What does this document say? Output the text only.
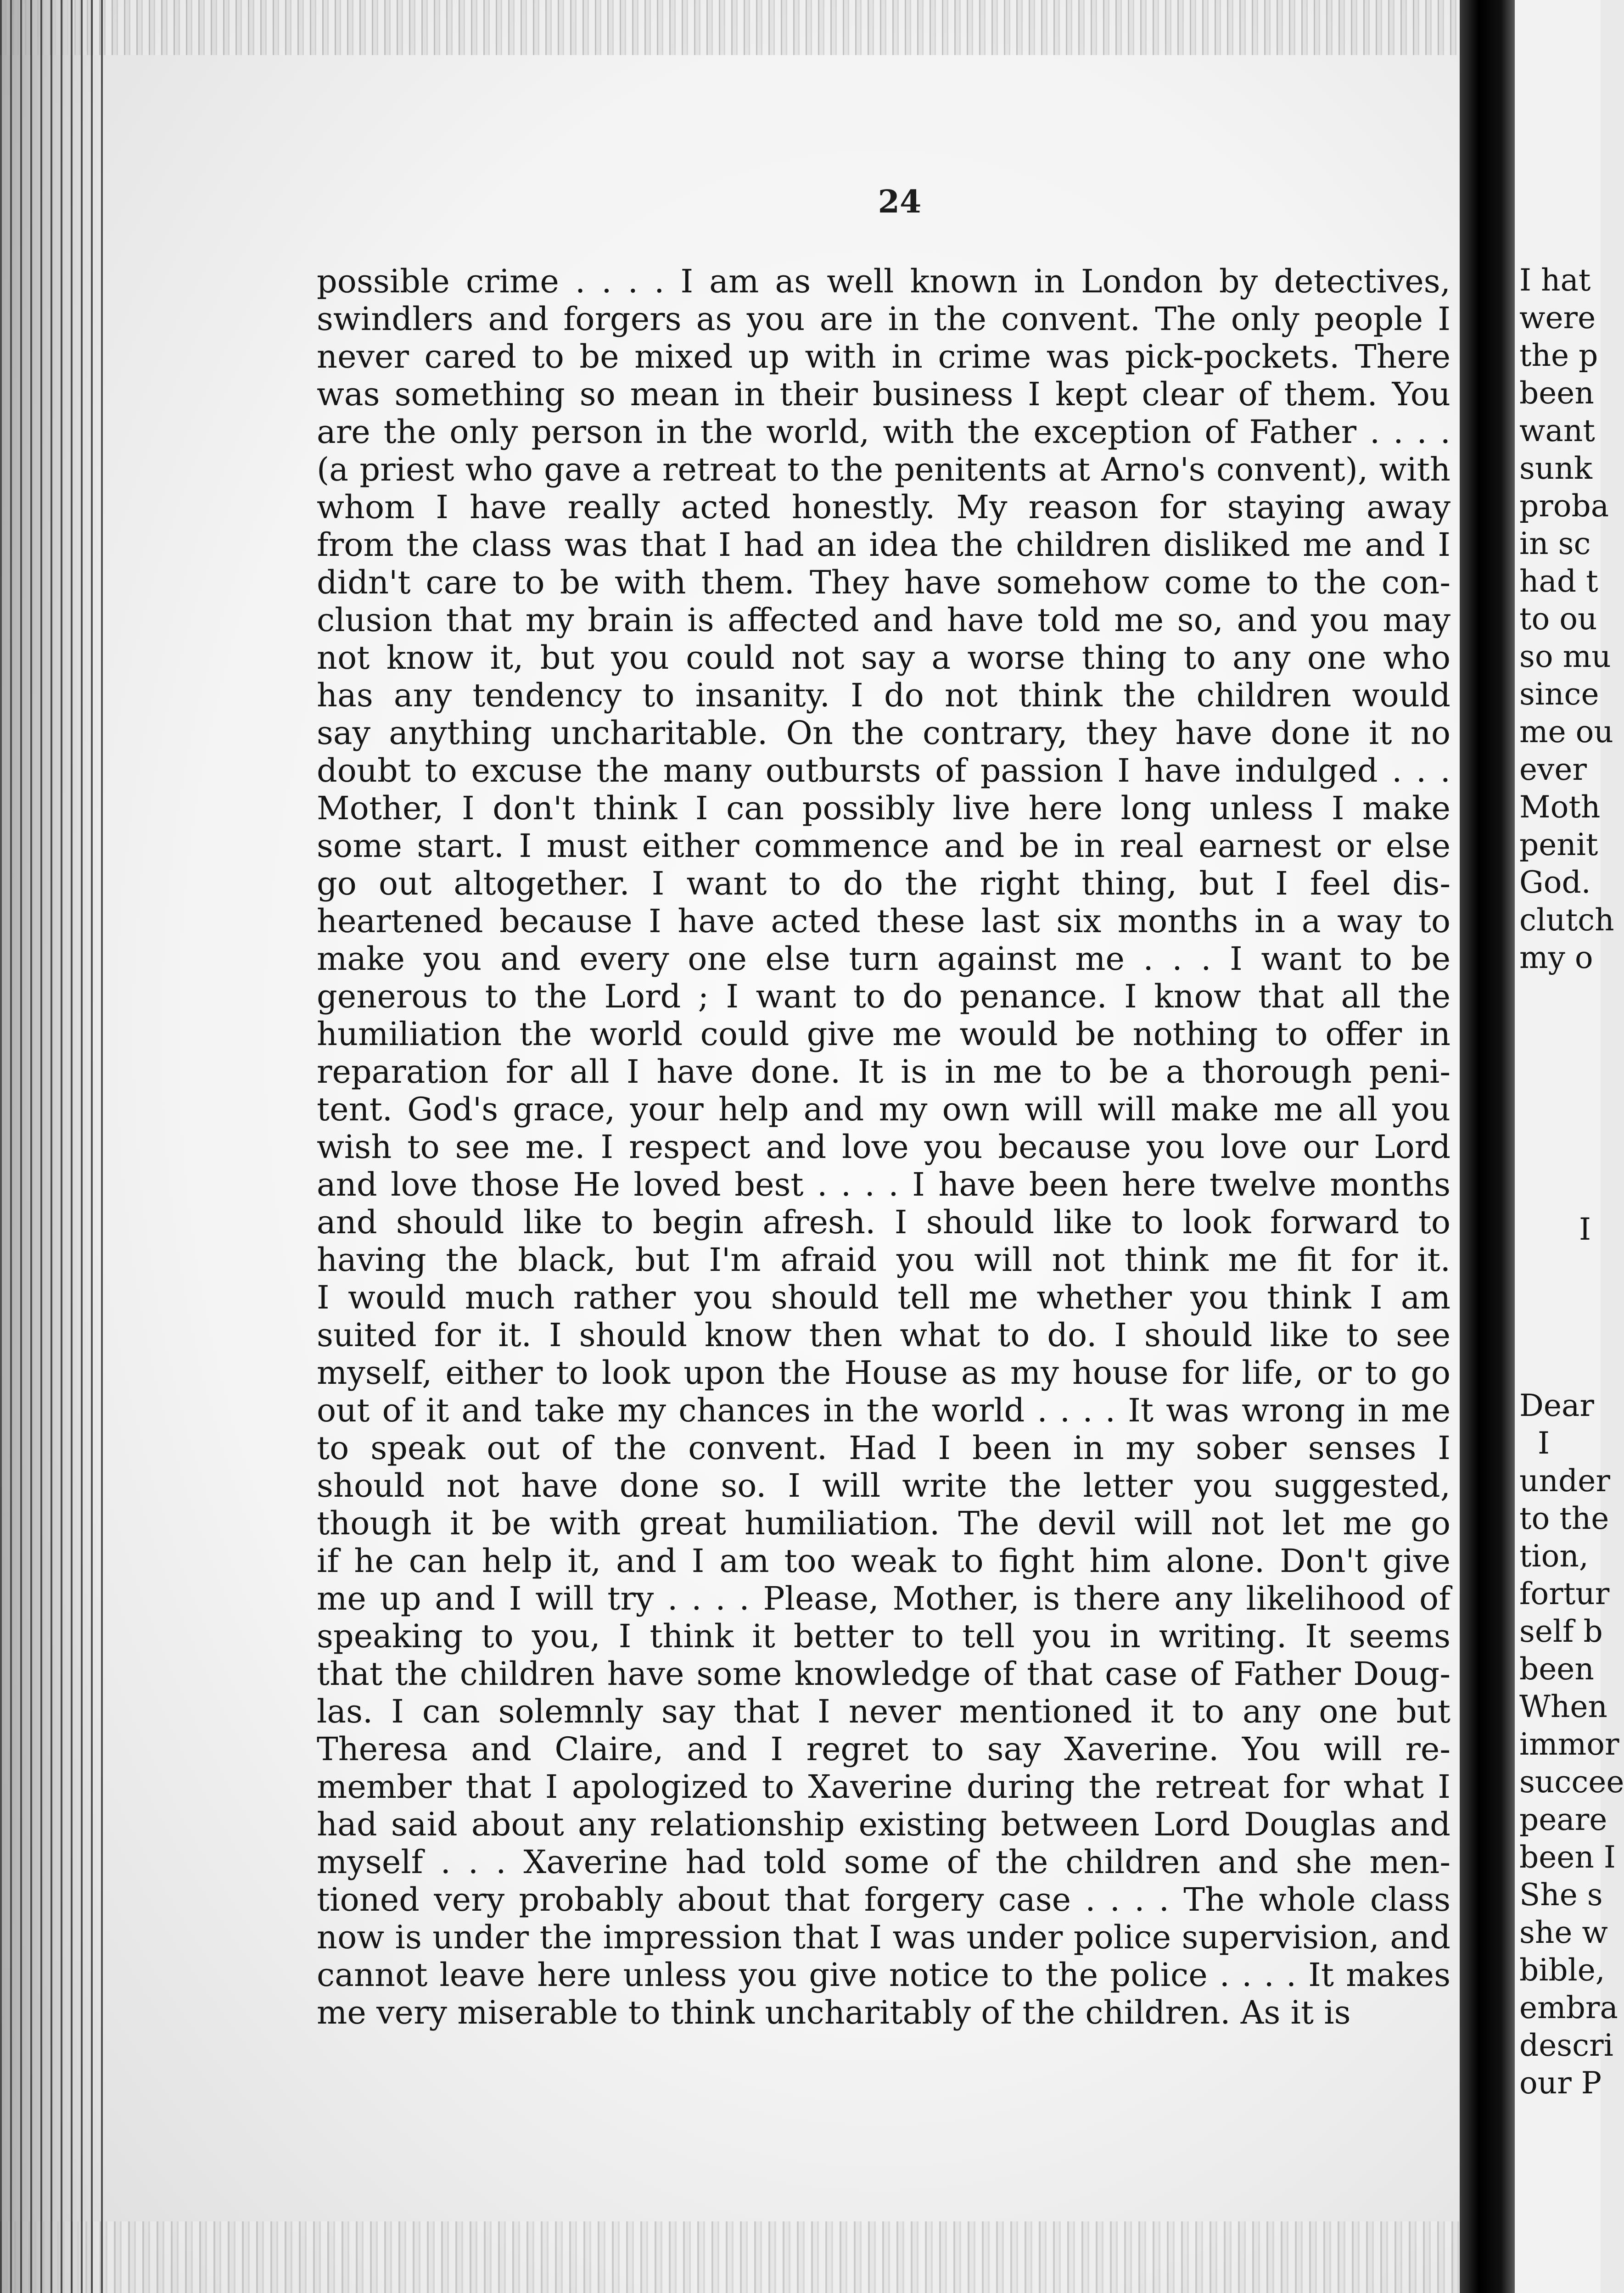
24
possible crime . . . . I am as well known in London by detectives,
swindlers and forgers as you are in the convent. The only people I
never cared to be mixed up with in crime was pick-pockets. There
was something so mean in their business I kept clear of them. You
are the only person in the world, with the exception of Father . . . .
(a priest who gave a retreat to the penitents at Arno's convent), with
whom I have really acted honestly. My reason for staying away
from the class was that I had an idea the children disliked me and I
didn't care to be with them. They have somehow come to the con-
clusion that my brain is affected and have told me so, and you may
not know it, but you could not say a worse thing to any one who
has any tendency to insanity. I do not think the children would
say anything uncharitable. On the contrary, they have done it no
doubt to excuse the many outbursts of passion I have indulged . . .
Mother, I don't think I can possibly live here long unless I make
some start. I must either commence and be in real earnest or else
go out altogether. I want to do the right thing, but I feel dis-
heartened because I have acted these last six months in a way to
make you and every one else turn against me . . . I want to be
generous to the Lord ; I want to do penance. I know that all the
humiliation the world could give me would be nothing to offer in
reparation for all I have done. It is in me to be a thorough peni-
tent. God's grace, your help and my own will will make me all you
wish to see me. I respect and love you because you love our Lord
and love those He loved best . . . . I have been here twelve months
and should like to begin afresh. I should like to look forward to
having the black, but I'm afraid you will not think me fit for it.
I would much rather you should tell me whether you think I am
suited for it. I should know then what to do. I should like to see
myself, either to look upon the House as my house for life, or to go
out of it and take my chances in the world . . . . It was wrong in me
to speak out of the convent. Had I been in my sober senses I
should not have done so. I will write the letter you suggested,
though it be with great humiliation. The devil will not let me go
if he can help it, and I am too weak to fight him alone. Don't give
me up and I will try . . . . Please, Mother, is there any likelihood of
speaking to you, I think it better to tell you in writing. It seems
that the children have some knowledge of that case of Father Doug-
las. I can solemnly say that I never mentioned it to any one but
Theresa and Claire, and I regret to say Xaverine. You will re-
member that I apologized to Xaverine during the retreat for what I
had said about any relationship existing between Lord Douglas and
myself . . . Xaverine had told some of the children and she men-
tioned very probably about that forgery case . . . . The whole class
now is under the impression that I was under police supervision, and
cannot leave here unless you give notice to the police . . . . It makes
me very miserable to think uncharitably of the children. As it is
I hat
were
the p
been
want
sunk
proba
in sc
had t
to ou
so mu
since
me ou
ever
Moth
penit
God.
clutch
my o
I
Dear
I
under
to the
tion,
fortur
self b
been
When
immor
succee
peare
been I
She s
she w
bible,
embra
descri
our P
